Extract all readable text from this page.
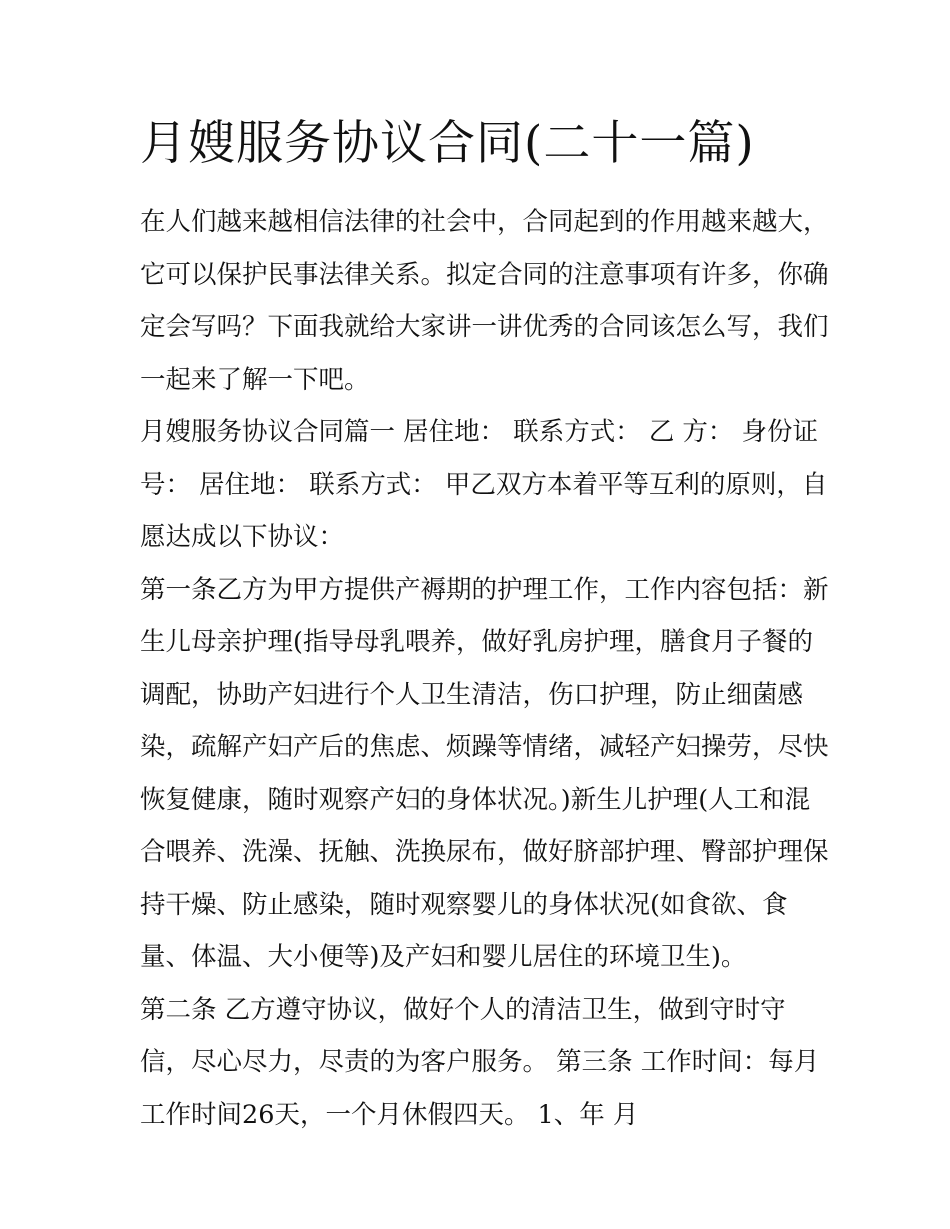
月嫂服务协议合同(二十一篇)

在人们越来越相信法律的社会中，合同起到的作用越来越大，
它可以保护民事法律关系。拟定合同的注意事项有许多，你确
定会写吗？下面我就给大家讲一讲优秀的合同该怎么写，我们
一起来了解一下吧。

月嫂服务协议合同篇一 居住地： 联系方式： 乙 方： 身份证
号： 居住地： 联系方式： 甲乙双方本着平等互利的原则，自
愿达成以下协议：

第一条乙方为甲方提供产褥期的护理工作，工作内容包括：新
生儿母亲护理(指导母乳喂养，做好乳房护理，膳食月子餐的
调配，协助产妇进行个人卫生清洁，伤口护理，防止细菌感
染，疏解产妇产后的焦虑、烦躁等情绪，减轻产妇操劳，尽快
恢复健康，随时观察产妇的身体状况。)新生儿护理(人工和混
合喂养、洗澡、抚触、洗换尿布，做好脐部护理、臀部护理保
持干燥、防止感染，随时观察婴儿的身体状况(如食欲、食
量、体温、大小便等)及产妇和婴儿居住的环境卫生)。

第二条 乙方遵守协议，做好个人的清洁卫生，做到守时守
信，尽心尽力，尽责的为客户服务。 第三条 工作时间：每月
工作时间26天，一个月休假四天。 1、年 月
